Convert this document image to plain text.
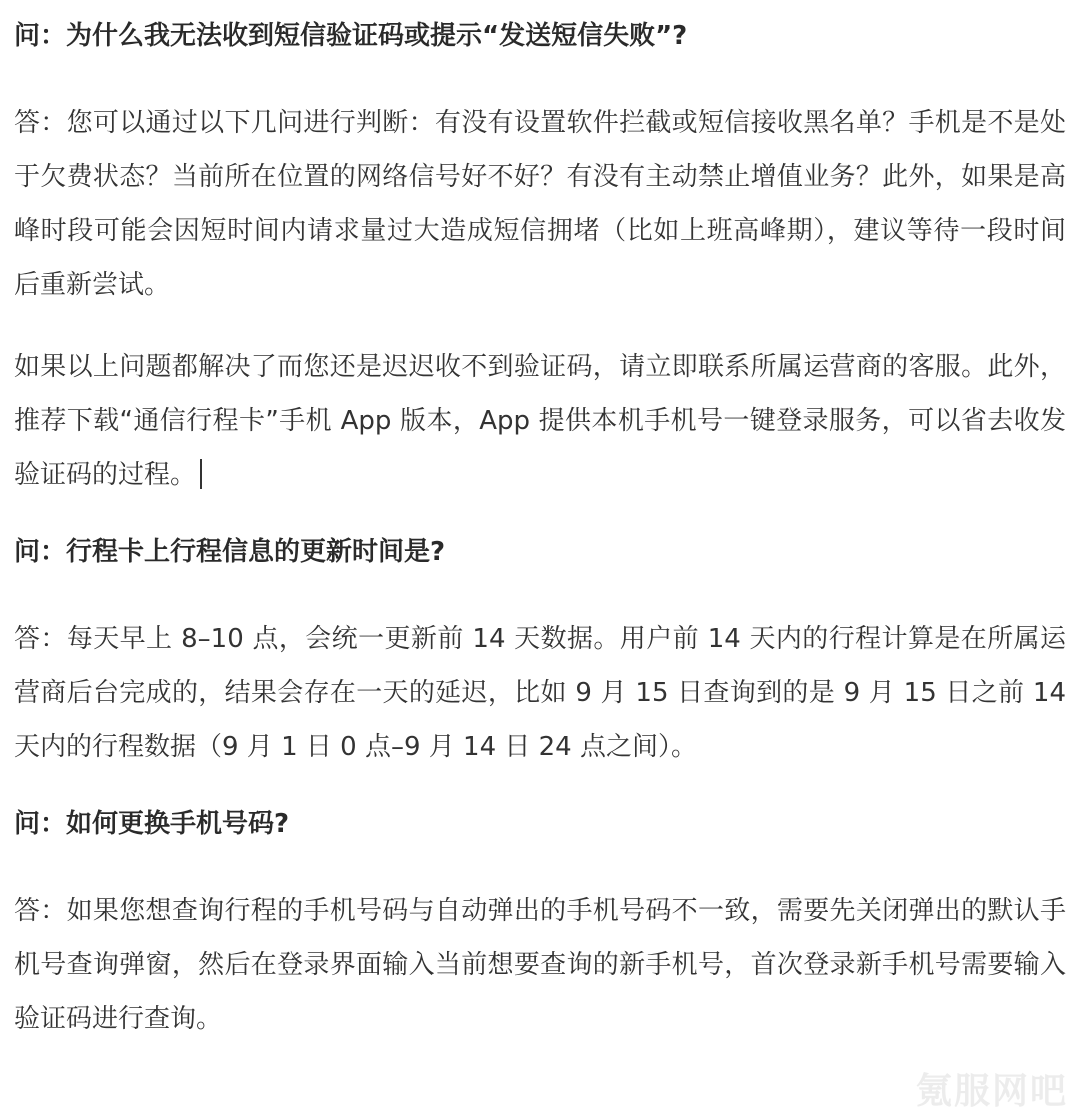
问：为什么我无法收到短信验证码或提示“发送短信失败”?

答：您可以通过以下几问进行判断：有没有设置软件拦截或短信接收黑名单？手机是不是处于欠费状态？当前所在位置的网络信号好不好？有没有主动禁止增值业务？此外，如果是高峰时段可能会因短时间内请求量过大造成短信拥堵（比如上班高峰期），建议等待一段时间后重新尝试。

如果以上问题都解决了而您还是迟迟收不到验证码，请立即联系所属运营商的客服。此外，推荐下载“通信行程卡”手机 App 版本，App 提供本机手机号一键登录服务，可以省去收发验证码的过程。

问：行程卡上行程信息的更新时间是?

答：每天早上 8–10 点，会统一更新前 14 天数据。用户前 14 天内的行程计算是在所属运营商后台完成的，结果会存在一天的延迟，比如 9 月 15 日查询到的是 9 月 15 日之前 14 天内的行程数据（9 月 1 日 0 点–9 月 14 日 24 点之间）。

问：如何更换手机号码?

答：如果您想查询行程的手机号码与自动弹出的手机号码不一致，需要先关闭弹出的默认手机号查询弹窗，然后在登录界面输入当前想要查询的新手机号，首次登录新手机号需要输入验证码进行查询。

氪服网吧
